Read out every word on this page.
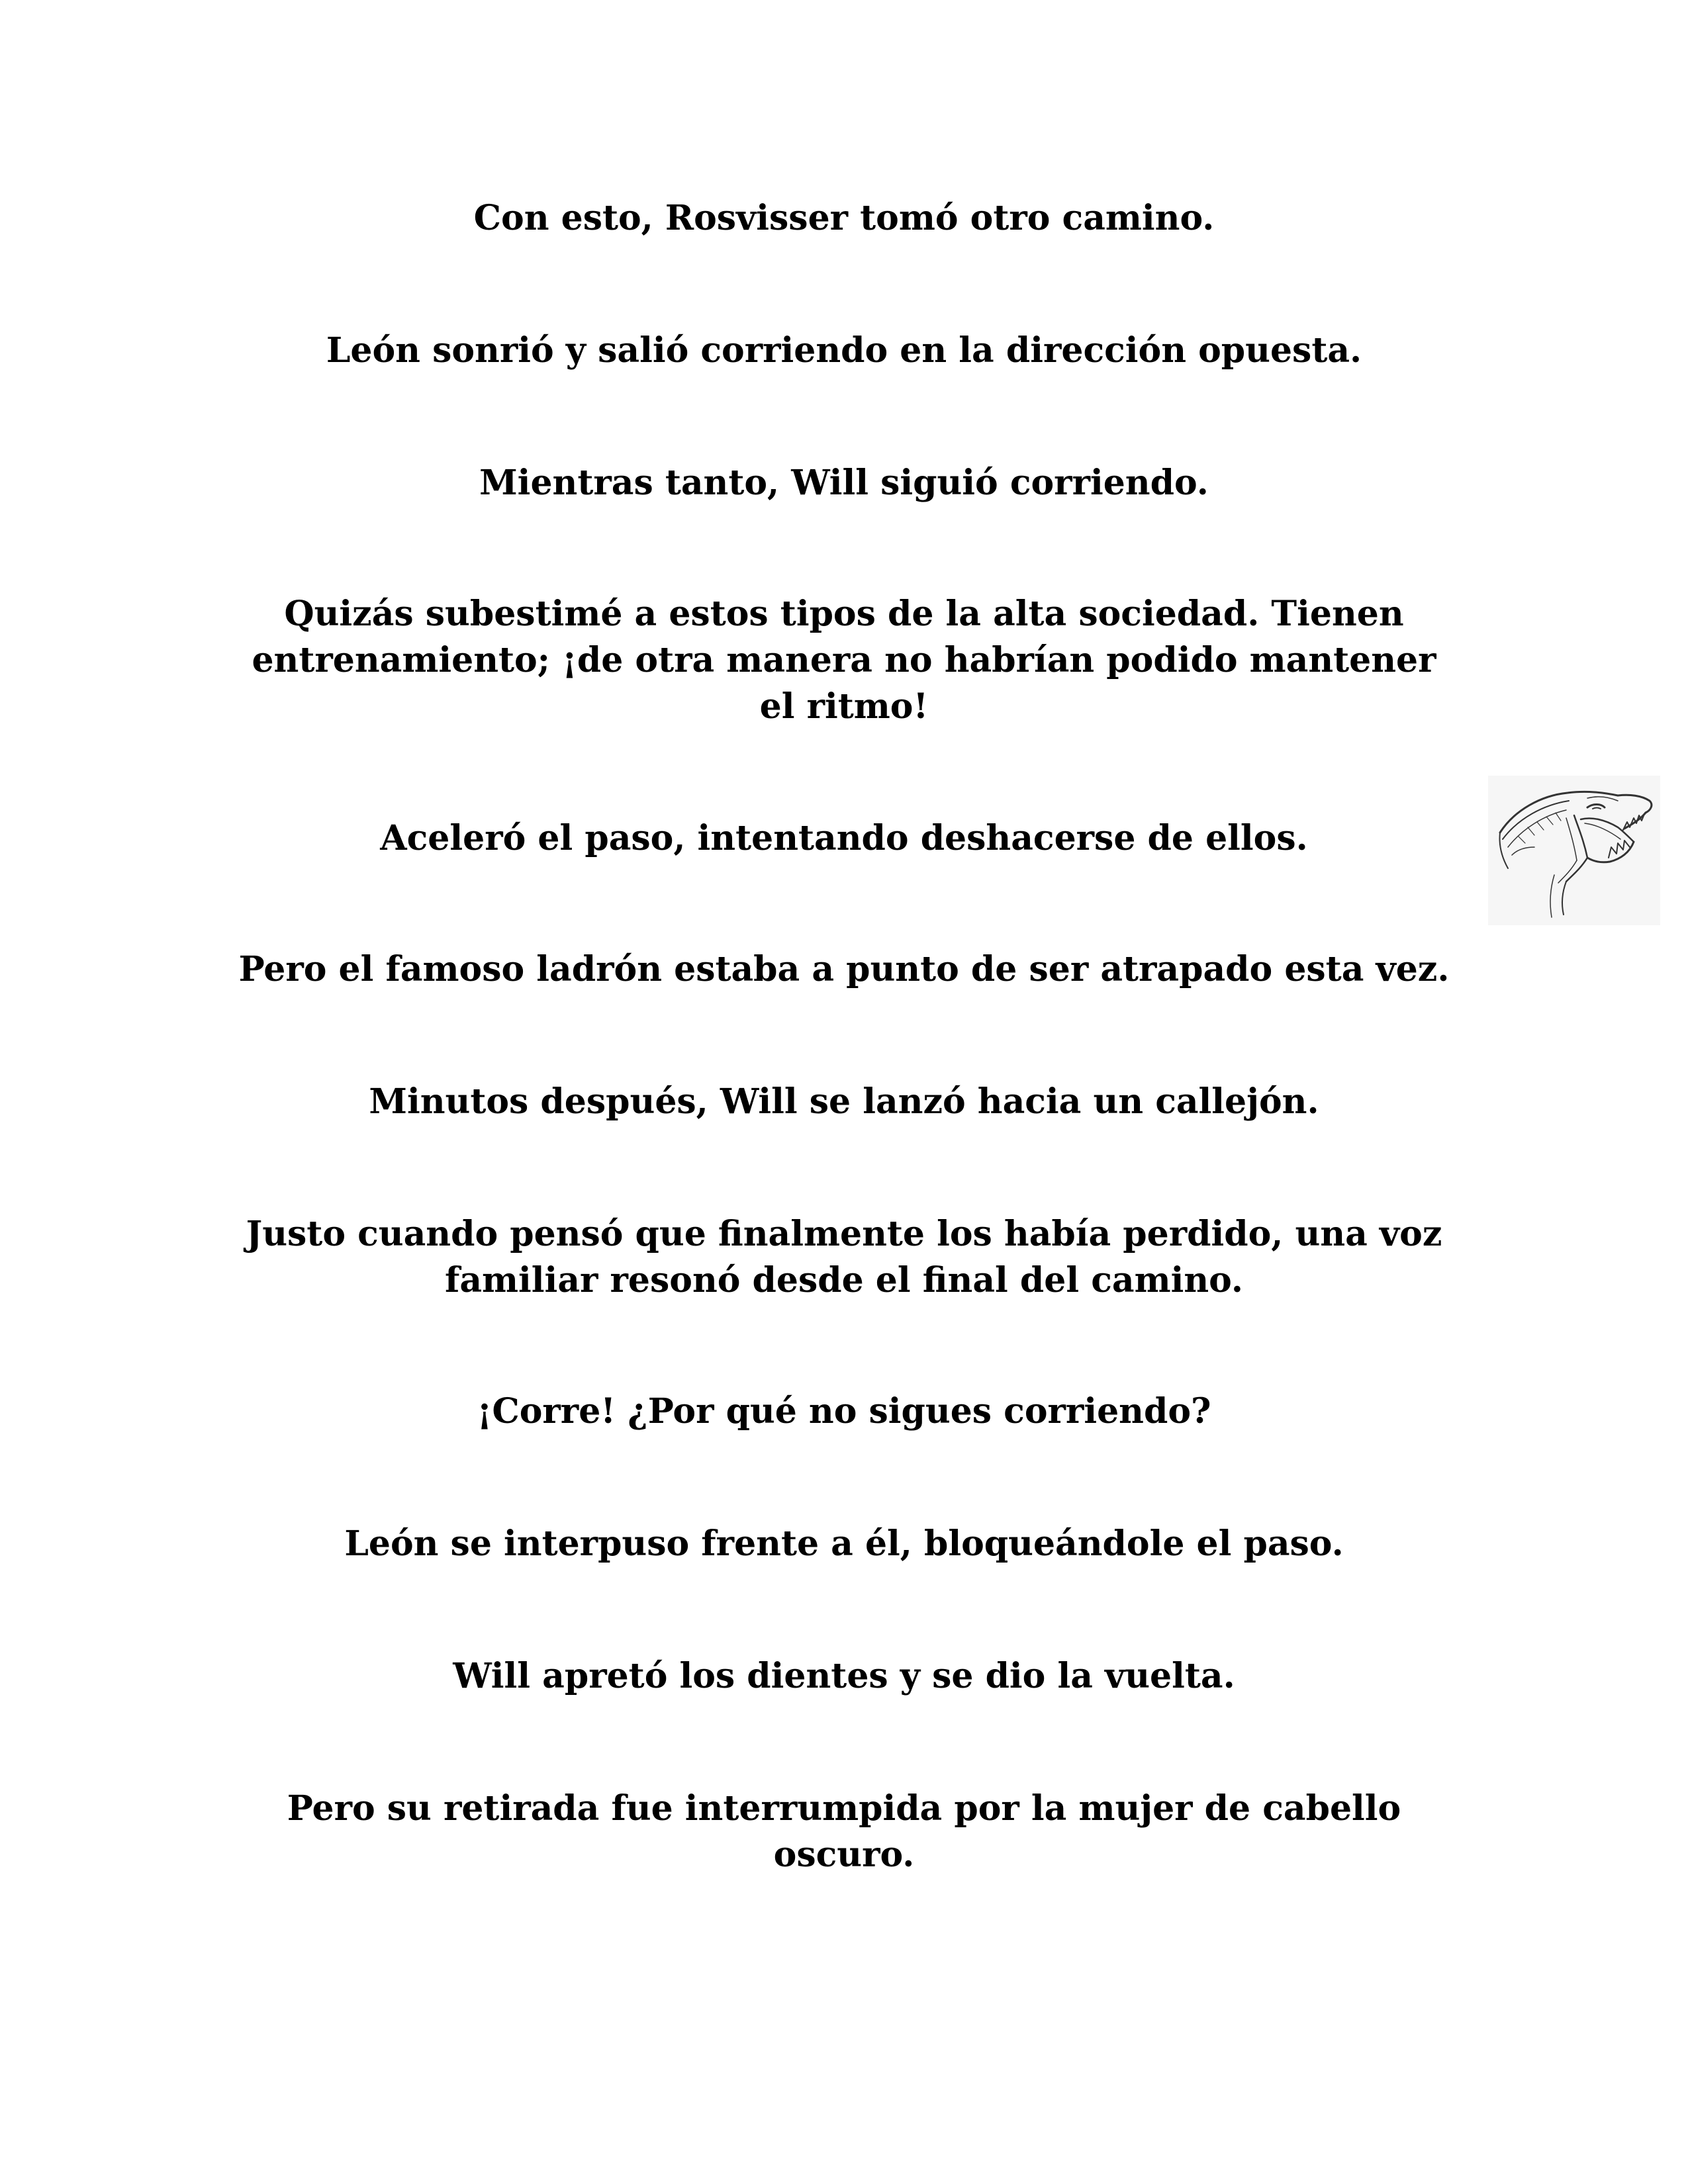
Con esto, Rosvisser tomó otro camino.

León sonrió y salió corriendo en la dirección opuesta.

Mientras tanto, Will siguió corriendo.

Quizás subestimé a estos tipos de la alta sociedad. Tienen
entrenamiento; ¡de otra manera no habrían podido mantener
el ritmo!

Aceleró el paso, intentando deshacerse de ellos.

Pero el famoso ladrón estaba a punto de ser atrapado esta vez.

Minutos después, Will se lanzó hacia un callejón.

Justo cuando pensó que finalmente los había perdido, una voz
familiar resonó desde el final del camino.

¡Corre! ¿Por qué no sigues corriendo?

León se interpuso frente a él, bloqueándole el paso.

Will apretó los dientes y se dio la vuelta.

Pero su retirada fue interrumpida por la mujer de cabello
oscuro.
